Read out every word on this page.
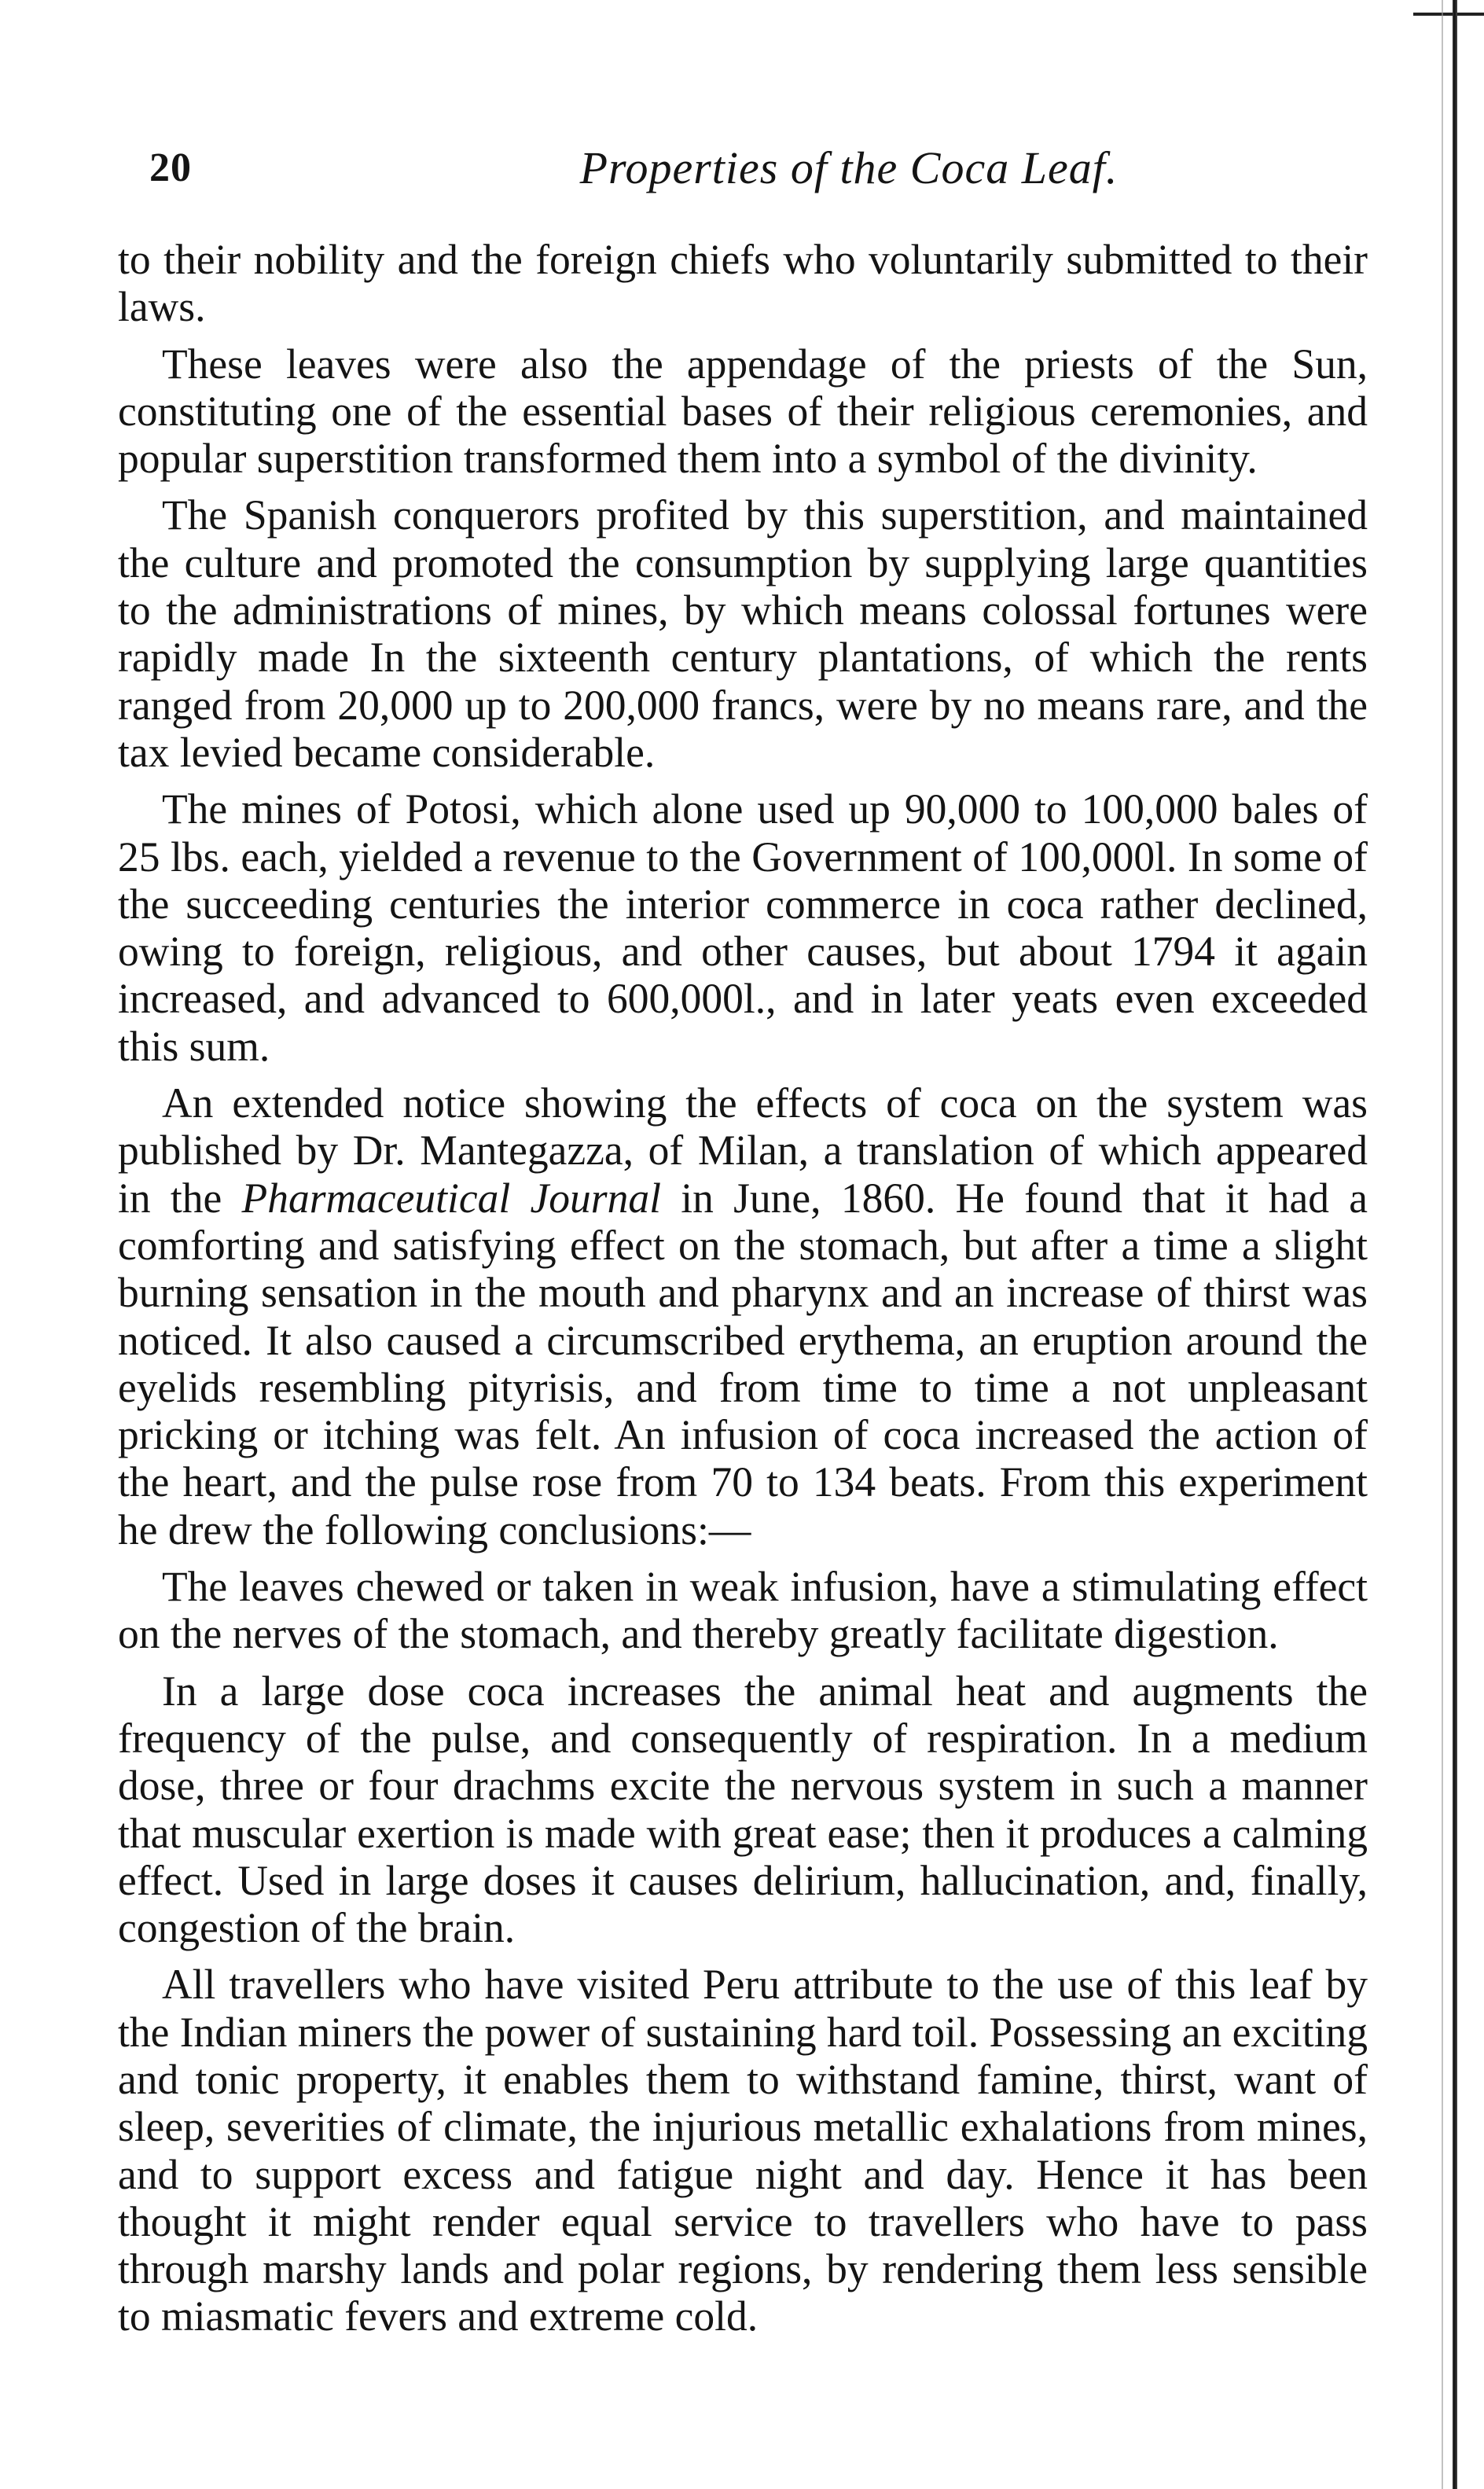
20	Properties of the Coca Leaf.

to their nobility and the foreign chiefs who voluntarily submitted to their laws.

These leaves were also the appendage of the priests of the Sun, constituting one of the essential bases of their religious ceremonies, and popular superstition transformed them into a symbol of the divinity.

The Spanish conquerors profited by this superstition, and maintained the culture and promoted the consumption by supplying large quantities to the administrations of mines, by which means colossal fortunes were rapidly made In the sixteenth century plantations, of which the rents ranged from 20,000 up to 200,000 francs, were by no means rare, and the tax levied became considerable.

The mines of Potosi, which alone used up 90,000 to 100,000 bales of 25 lbs. each, yielded a revenue to the Government of 100,000l. In some of the succeeding centuries the interior commerce in coca rather declined, owing to foreign, religious, and other causes, but about 1794 it again increased, and advanced to 600,000l., and in later yeats even exceeded this sum.

An extended notice showing the effects of coca on the system was published by Dr. Mantegazza, of Milan, a translation of which appeared in the Pharmaceutical Journal in June, 1860. He found that it had a comforting and satisfying effect on the stomach, but after a time a slight burning sensation in the mouth and pharynx and an increase of thirst was noticed. It also caused a circumscribed erythema, an eruption around the eyelids resembling pityrisis, and from time to time a not unpleasant pricking or itching was felt. An infusion of coca increased the action of the heart, and the pulse rose from 70 to 134 beats. From this experiment he drew the following conclusions:—

The leaves chewed or taken in weak infusion, have a stimulating effect on the nerves of the stomach, and thereby greatly facilitate digestion.

In a large dose coca increases the animal heat and augments the frequency of the pulse, and consequently of respiration. In a medium dose, three or four drachms excite the nervous system in such a manner that muscular exertion is made with great ease; then it produces a calming effect. Used in large doses it causes delirium, hallucination, and, finally, congestion of the brain.

All travellers who have visited Peru attribute to the use of this leaf by the Indian miners the power of sustaining hard toil. Possessing an exciting and tonic property, it enables them to withstand famine, thirst, want of sleep, severities of climate, the injurious metallic exhalations from mines, and to support excess and fatigue night and day. Hence it has been thought it might render equal service to travellers who have to pass through marshy lands and polar regions, by rendering them less sensible to miasmatic fevers and extreme cold.
